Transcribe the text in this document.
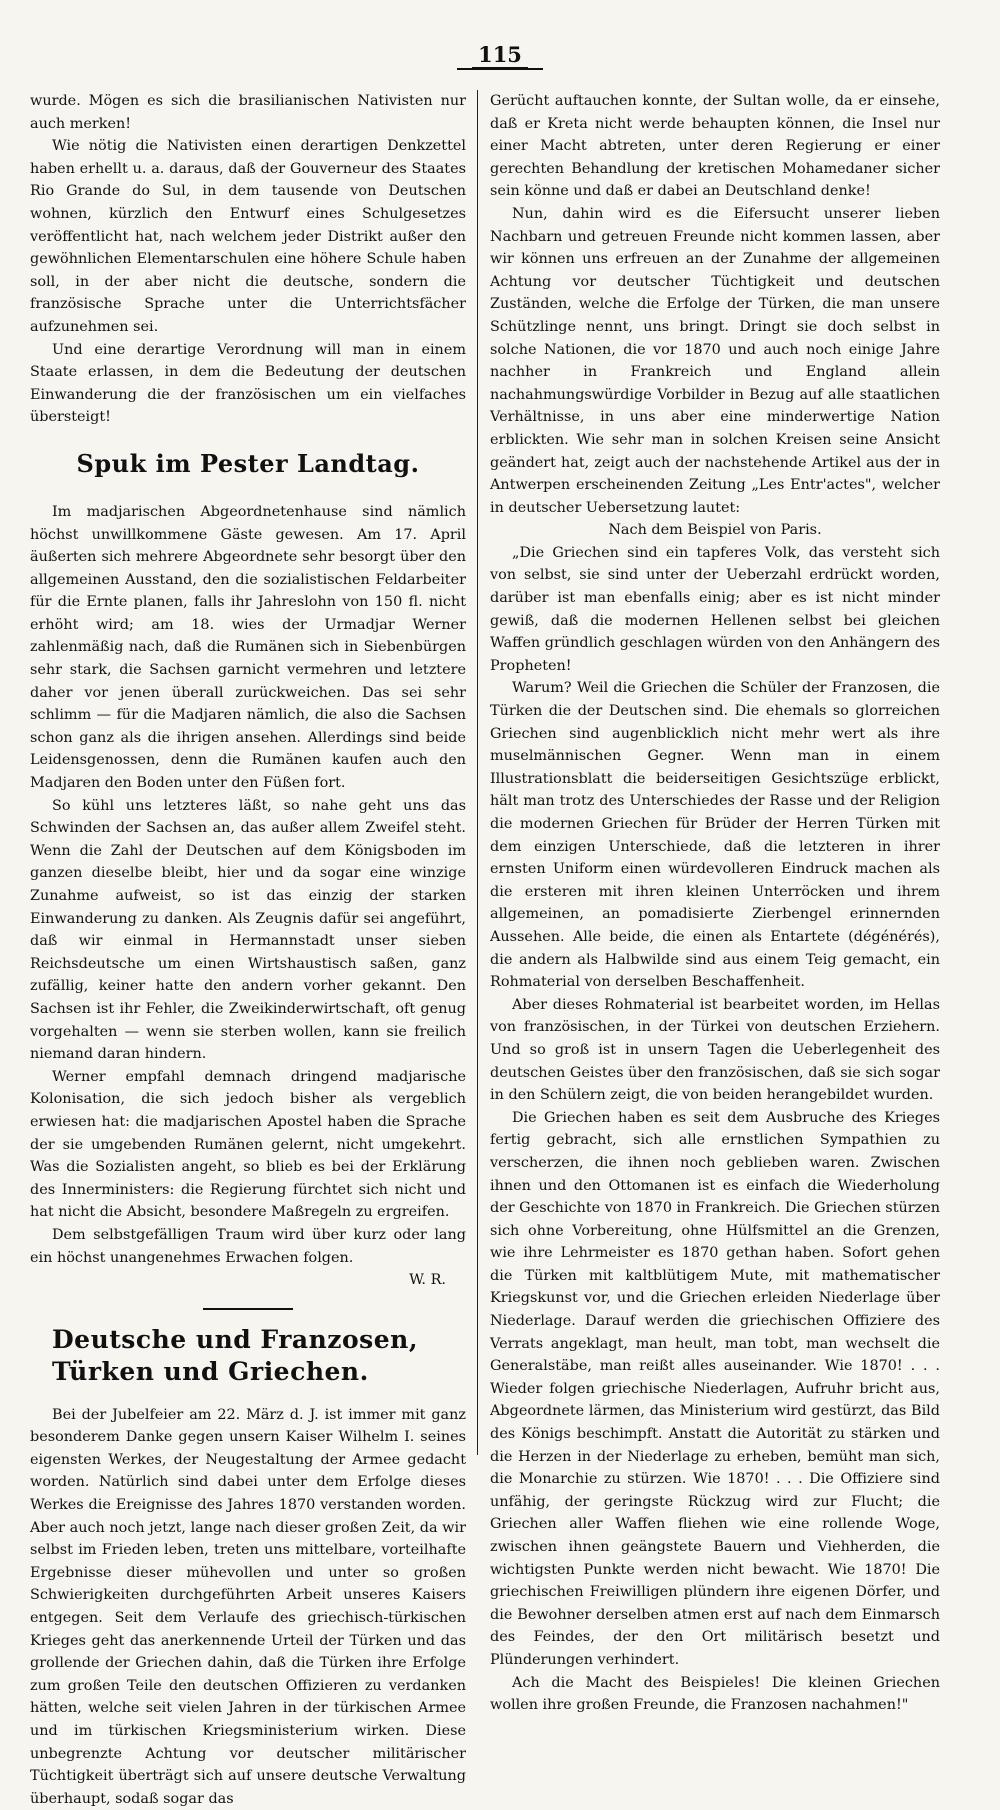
115

wurde. Mögen es sich die brasilianischen Nativisten nur auch merken!

Wie nötig die Nativisten einen derartigen Denkzettel haben erhellt u. a. daraus, daß der Gouverneur des Staates Rio Grande do Sul, in dem tausende von Deutschen wohnen, kürzlich den Entwurf eines Schulgesetzes veröffentlicht hat, nach welchem jeder Distrikt außer den gewöhnlichen Elementarschulen eine höhere Schule haben soll, in der aber nicht die deutsche, sondern die französische Sprache unter die Unterrichtsfächer aufzunehmen sei.

Und eine derartige Verordnung will man in einem Staate erlassen, in dem die Bedeutung der deutschen Einwanderung die der französischen um ein vielfaches übersteigt!

Spuk im Pester Landtag.

Im madjarischen Abgeordnetenhause sind nämlich höchst unwillkommene Gäste gewesen. Am 17. April äußerten sich mehrere Abgeordnete sehr besorgt über den allgemeinen Ausstand, den die sozialistischen Feldarbeiter für die Ernte planen, falls ihr Jahreslohn von 150 fl. nicht erhöht wird; am 18. wies der Urmadjar Werner zahlenmäßig nach, daß die Rumänen sich in Siebenbürgen sehr stark, die Sachsen garnicht vermehren und letztere daher vor jenen überall zurückweichen. Das sei sehr schlimm — für die Madjaren nämlich, die also die Sachsen schon ganz als die ihrigen ansehen. Allerdings sind beide Leidensgenossen, denn die Rumänen kaufen auch den Madjaren den Boden unter den Füßen fort.

So kühl uns letzteres läßt, so nahe geht uns das Schwinden der Sachsen an, das außer allem Zweifel steht. Wenn die Zahl der Deutschen auf dem Königsboden im ganzen dieselbe bleibt, hier und da sogar eine winzige Zunahme aufweist, so ist das einzig der starken Einwanderung zu danken. Als Zeugnis dafür sei angeführt, daß wir einmal in Hermannstadt unser sieben Reichsdeutsche um einen Wirtshaustisch saßen, ganz zufällig, keiner hatte den andern vorher gekannt. Den Sachsen ist ihr Fehler, die Zweikinderwirtschaft, oft genug vorgehalten — wenn sie sterben wollen, kann sie freilich niemand daran hindern.

Werner empfahl demnach dringend madjarische Kolonisation, die sich jedoch bisher als vergeblich erwiesen hat: die madjarischen Apostel haben die Sprache der sie umgebenden Rumänen gelernt, nicht umgekehrt. Was die Sozialisten angeht, so blieb es bei der Erklärung des Innerministers: die Regierung fürchtet sich nicht und hat nicht die Absicht, besondere Maßregeln zu ergreifen.

Dem selbstgefälligen Traum wird über kurz oder lang ein höchst unangenehmes Erwachen folgen.

W. R.

Deutsche und Franzosen, Türken und Griechen.

Bei der Jubelfeier am 22. März d. J. ist immer mit ganz besonderem Danke gegen unsern Kaiser Wilhelm I. seines eigensten Werkes, der Neugestaltung der Armee gedacht worden. Natürlich sind dabei unter dem Erfolge dieses Werkes die Ereignisse des Jahres 1870 verstanden worden. Aber auch noch jetzt, lange nach dieser großen Zeit, da wir selbst im Frieden leben, treten uns mittelbare, vorteilhafte Ergebnisse dieser mühevollen und unter so großen Schwierigkeiten durchgeführten Arbeit unseres Kaisers entgegen. Seit dem Verlaufe des griechisch-türkischen Krieges geht das anerkennende Urteil der Türken und das grollende der Griechen dahin, daß die Türken ihre Erfolge zum großen Teile den deutschen Offizieren zu verdanken hätten, welche seit vielen Jahren in der türkischen Armee und im türkischen Kriegsministerium wirken. Diese unbegrenzte Achtung vor deutscher militärischer Tüchtigkeit überträgt sich auf unsere deutsche Verwaltung überhaupt, sodaß sogar das

Gerücht auftauchen konnte, der Sultan wolle, da er einsehe, daß er Kreta nicht werde behaupten können, die Insel nur einer Macht abtreten, unter deren Regierung er einer gerechten Behandlung der kretischen Mohamedaner sicher sein könne und daß er dabei an Deutschland denke!

Nun, dahin wird es die Eifersucht unserer lieben Nachbarn und getreuen Freunde nicht kommen lassen, aber wir können uns erfreuen an der Zunahme der allgemeinen Achtung vor deutscher Tüchtigkeit und deutschen Zuständen, welche die Erfolge der Türken, die man unsere Schützlinge nennt, uns bringt. Dringt sie doch selbst in solche Nationen, die vor 1870 und auch noch einige Jahre nachher in Frankreich und England allein nachahmungswürdige Vorbilder in Bezug auf alle staatlichen Verhältnisse, in uns aber eine minderwertige Nation erblickten. Wie sehr man in solchen Kreisen seine Ansicht geändert hat, zeigt auch der nachstehende Artikel aus der in Antwerpen erscheinenden Zeitung „Les Entr'actes", welcher in deutscher Uebersetzung lautet:

Nach dem Beispiel von Paris.

„Die Griechen sind ein tapferes Volk, das versteht sich von selbst, sie sind unter der Ueberzahl erdrückt worden, darüber ist man ebenfalls einig; aber es ist nicht minder gewiß, daß die modernen Hellenen selbst bei gleichen Waffen gründlich geschlagen würden von den Anhängern des Propheten!

Warum? Weil die Griechen die Schüler der Franzosen, die Türken die der Deutschen sind. Die ehemals so glorreichen Griechen sind augenblicklich nicht mehr wert als ihre muselmännischen Gegner. Wenn man in einem Illustrationsblatt die beiderseitigen Gesichtszüge erblickt, hält man trotz des Unterschiedes der Rasse und der Religion die modernen Griechen für Brüder der Herren Türken mit dem einzigen Unterschiede, daß die letzteren in ihrer ernsten Uniform einen würdevolleren Eindruck machen als die ersteren mit ihren kleinen Unterröcken und ihrem allgemeinen, an pomadisierte Zierbengel erinnernden Aussehen. Alle beide, die einen als Entartete (dégénérés), die andern als Halbwilde sind aus einem Teig gemacht, ein Rohmaterial von derselben Beschaffenheit.

Aber dieses Rohmaterial ist bearbeitet worden, im Hellas von französischen, in der Türkei von deutschen Erziehern. Und so groß ist in unsern Tagen die Ueberlegenheit des deutschen Geistes über den französischen, daß sie sich sogar in den Schülern zeigt, die von beiden herangebildet wurden.

Die Griechen haben es seit dem Ausbruche des Krieges fertig gebracht, sich alle ernstlichen Sympathien zu verscherzen, die ihnen noch geblieben waren. Zwischen ihnen und den Ottomanen ist es einfach die Wiederholung der Geschichte von 1870 in Frankreich. Die Griechen stürzen sich ohne Vorbereitung, ohne Hülfsmittel an die Grenzen, wie ihre Lehrmeister es 1870 gethan haben. Sofort gehen die Türken mit kaltblütigem Mute, mit mathematischer Kriegskunst vor, und die Griechen erleiden Niederlage über Niederlage. Darauf werden die griechischen Offiziere des Verrats angeklagt, man heult, man tobt, man wechselt die Generalstäbe, man reißt alles auseinander. Wie 1870! . . . Wieder folgen griechische Niederlagen, Aufruhr bricht aus, Abgeordnete lärmen, das Ministerium wird gestürzt, das Bild des Königs beschimpft. Anstatt die Autorität zu stärken und die Herzen in der Niederlage zu erheben, bemüht man sich, die Monarchie zu stürzen. Wie 1870! . . . Die Offiziere sind unfähig, der geringste Rückzug wird zur Flucht; die Griechen aller Waffen fliehen wie eine rollende Woge, zwischen ihnen geängstete Bauern und Viehherden, die wichtigsten Punkte werden nicht bewacht. Wie 1870! Die griechischen Freiwilligen plündern ihre eigenen Dörfer, und die Bewohner derselben atmen erst auf nach dem Einmarsch des Feindes, der den Ort militärisch besetzt und Plünderungen verhindert.

Ach die Macht des Beispieles! Die kleinen Griechen wollen ihre großen Freunde, die Franzosen nachahmen!"
